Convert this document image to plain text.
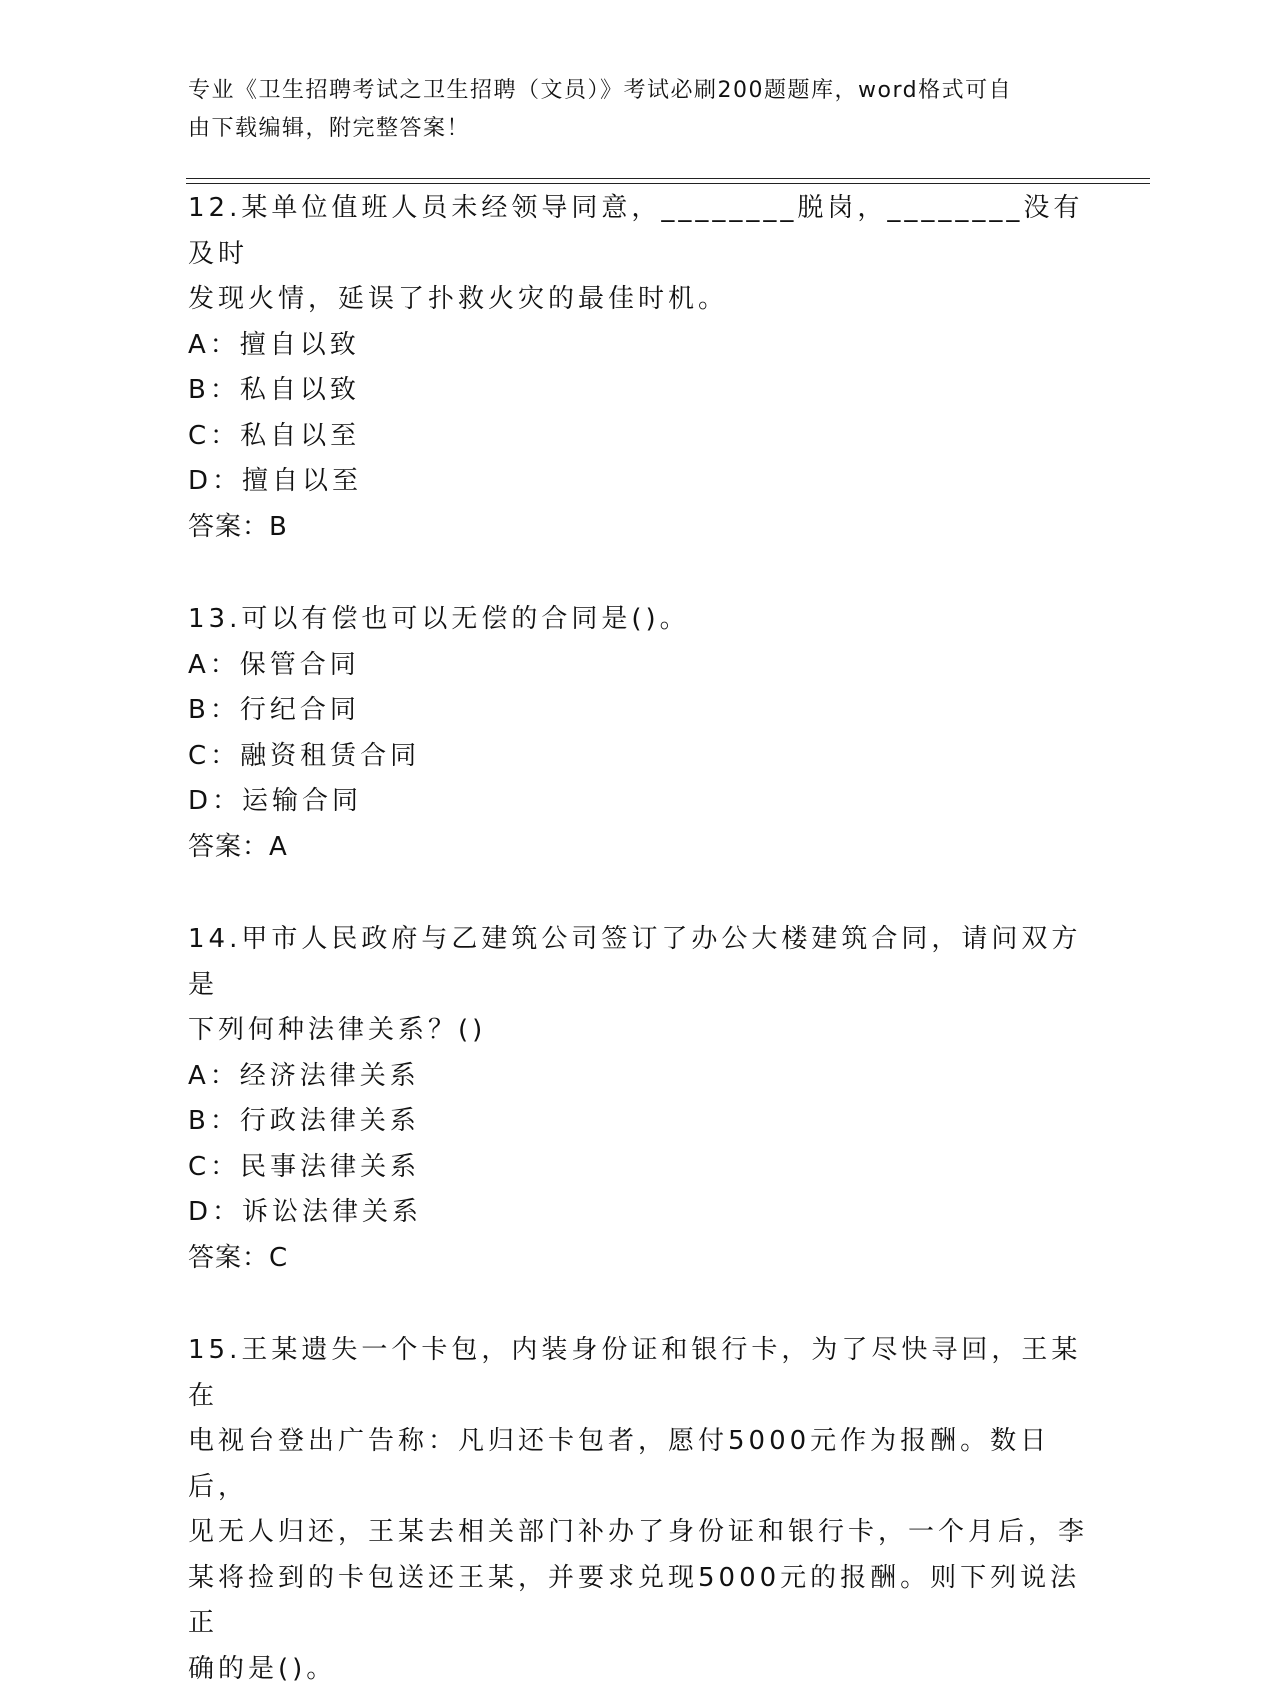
专业《卫生招聘考试之卫生招聘（文员）》考试必刷200题题库，word格式可自
由下载编辑，附完整答案！
12.某单位值班人员未经领导同意，________脱岗，________没有及时
发现火情，延误了扑救火灾的最佳时机。
A：擅自以致
B：私自以致
C：私自以至
D：擅自以至
答案：B
13.可以有偿也可以无偿的合同是()。
A：保管合同
B：行纪合同
C：融资租赁合同
D：运输合同
答案：A
14.甲市人民政府与乙建筑公司签订了办公大楼建筑合同，请问双方是
下列何种法律关系？()
A：经济法律关系
B：行政法律关系
C：民事法律关系
D：诉讼法律关系
答案：C
15.王某遗失一个卡包，内装身份证和银行卡，为了尽快寻回，王某在
电视台登出广告称：凡归还卡包者，愿付5000元作为报酬。数日后，
见无人归还，王某去相关部门补办了身份证和银行卡，一个月后，李
某将捡到的卡包送还王某，并要求兑现5000元的报酬。则下列说法正
确的是()。
